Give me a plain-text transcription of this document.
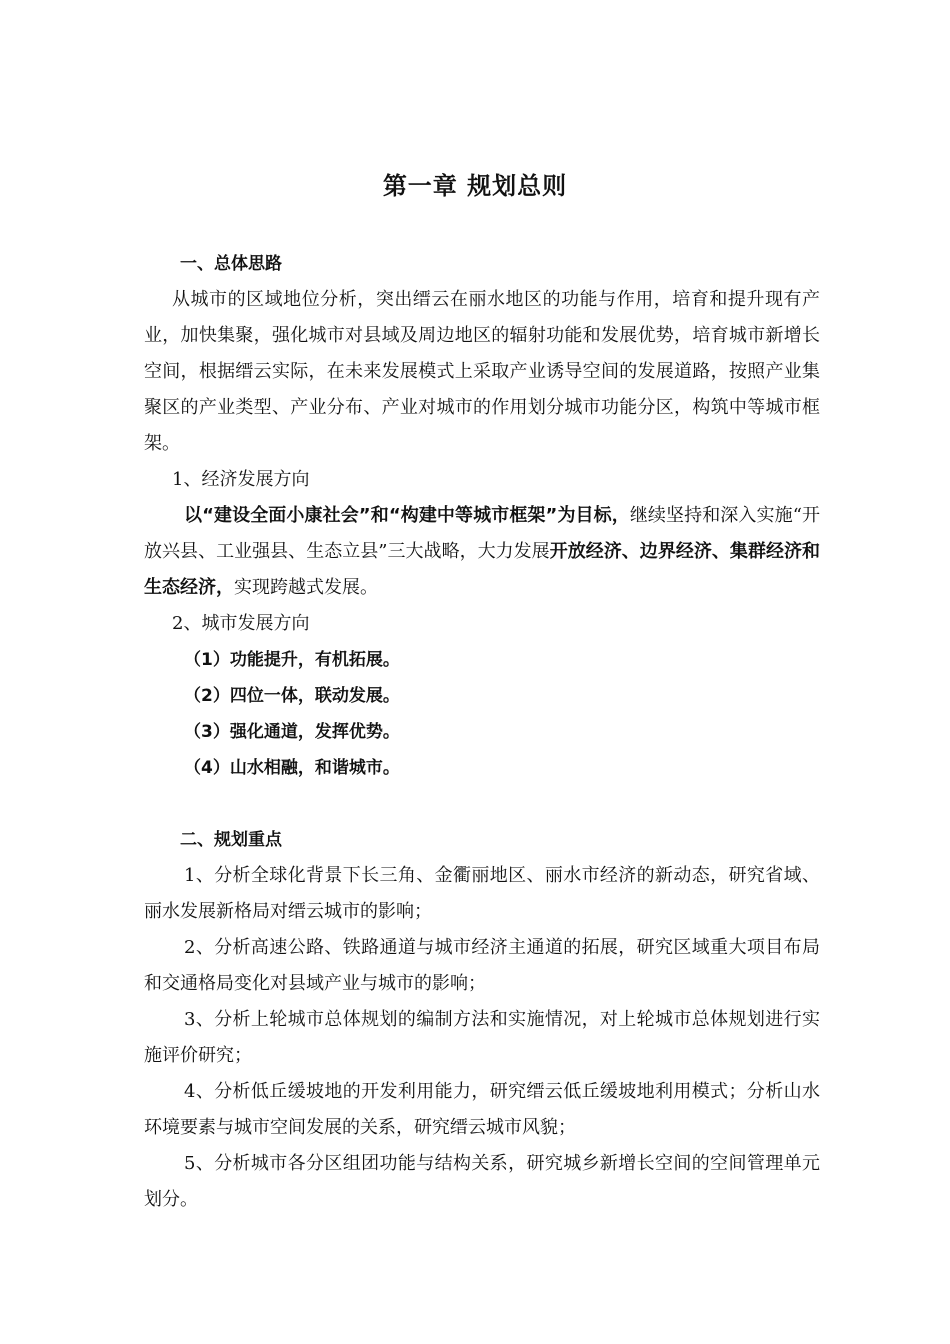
第一章 规划总则

一、总体思路

从城市的区域地位分析，突出缙云在丽水地区的功能与作用，培育和提升现有产业，加快集聚，强化城市对县域及周边地区的辐射功能和发展优势，培育城市新增长空间，根据缙云实际，在未来发展模式上采取产业诱导空间的发展道路，按照产业集聚区的产业类型、产业分布、产业对城市的作用划分城市功能分区，构筑中等城市框架。

1、经济发展方向

以“建设全面小康社会”和“构建中等城市框架”为目标，继续坚持和深入实施“开放兴县、工业强县、生态立县”三大战略，大力发展开放经济、边界经济、集群经济和生态经济，实现跨越式发展。

2、城市发展方向

（1）功能提升，有机拓展。

（2）四位一体，联动发展。

（3）强化通道，发挥优势。

（4）山水相融，和谐城市。

二、规划重点

1、分析全球化背景下长三角、金衢丽地区、丽水市经济的新动态，研究省域、丽水发展新格局对缙云城市的影响；

2、分析高速公路、铁路通道与城市经济主通道的拓展，研究区域重大项目布局和交通格局变化对县域产业与城市的影响；

3、分析上轮城市总体规划的编制方法和实施情况，对上轮城市总体规划进行实施评价研究；

4、分析低丘缓坡地的开发利用能力，研究缙云低丘缓坡地利用模式；分析山水环境要素与城市空间发展的关系，研究缙云城市风貌；

5、分析城市各分区组团功能与结构关系，研究城乡新增长空间的空间管理单元划分。
